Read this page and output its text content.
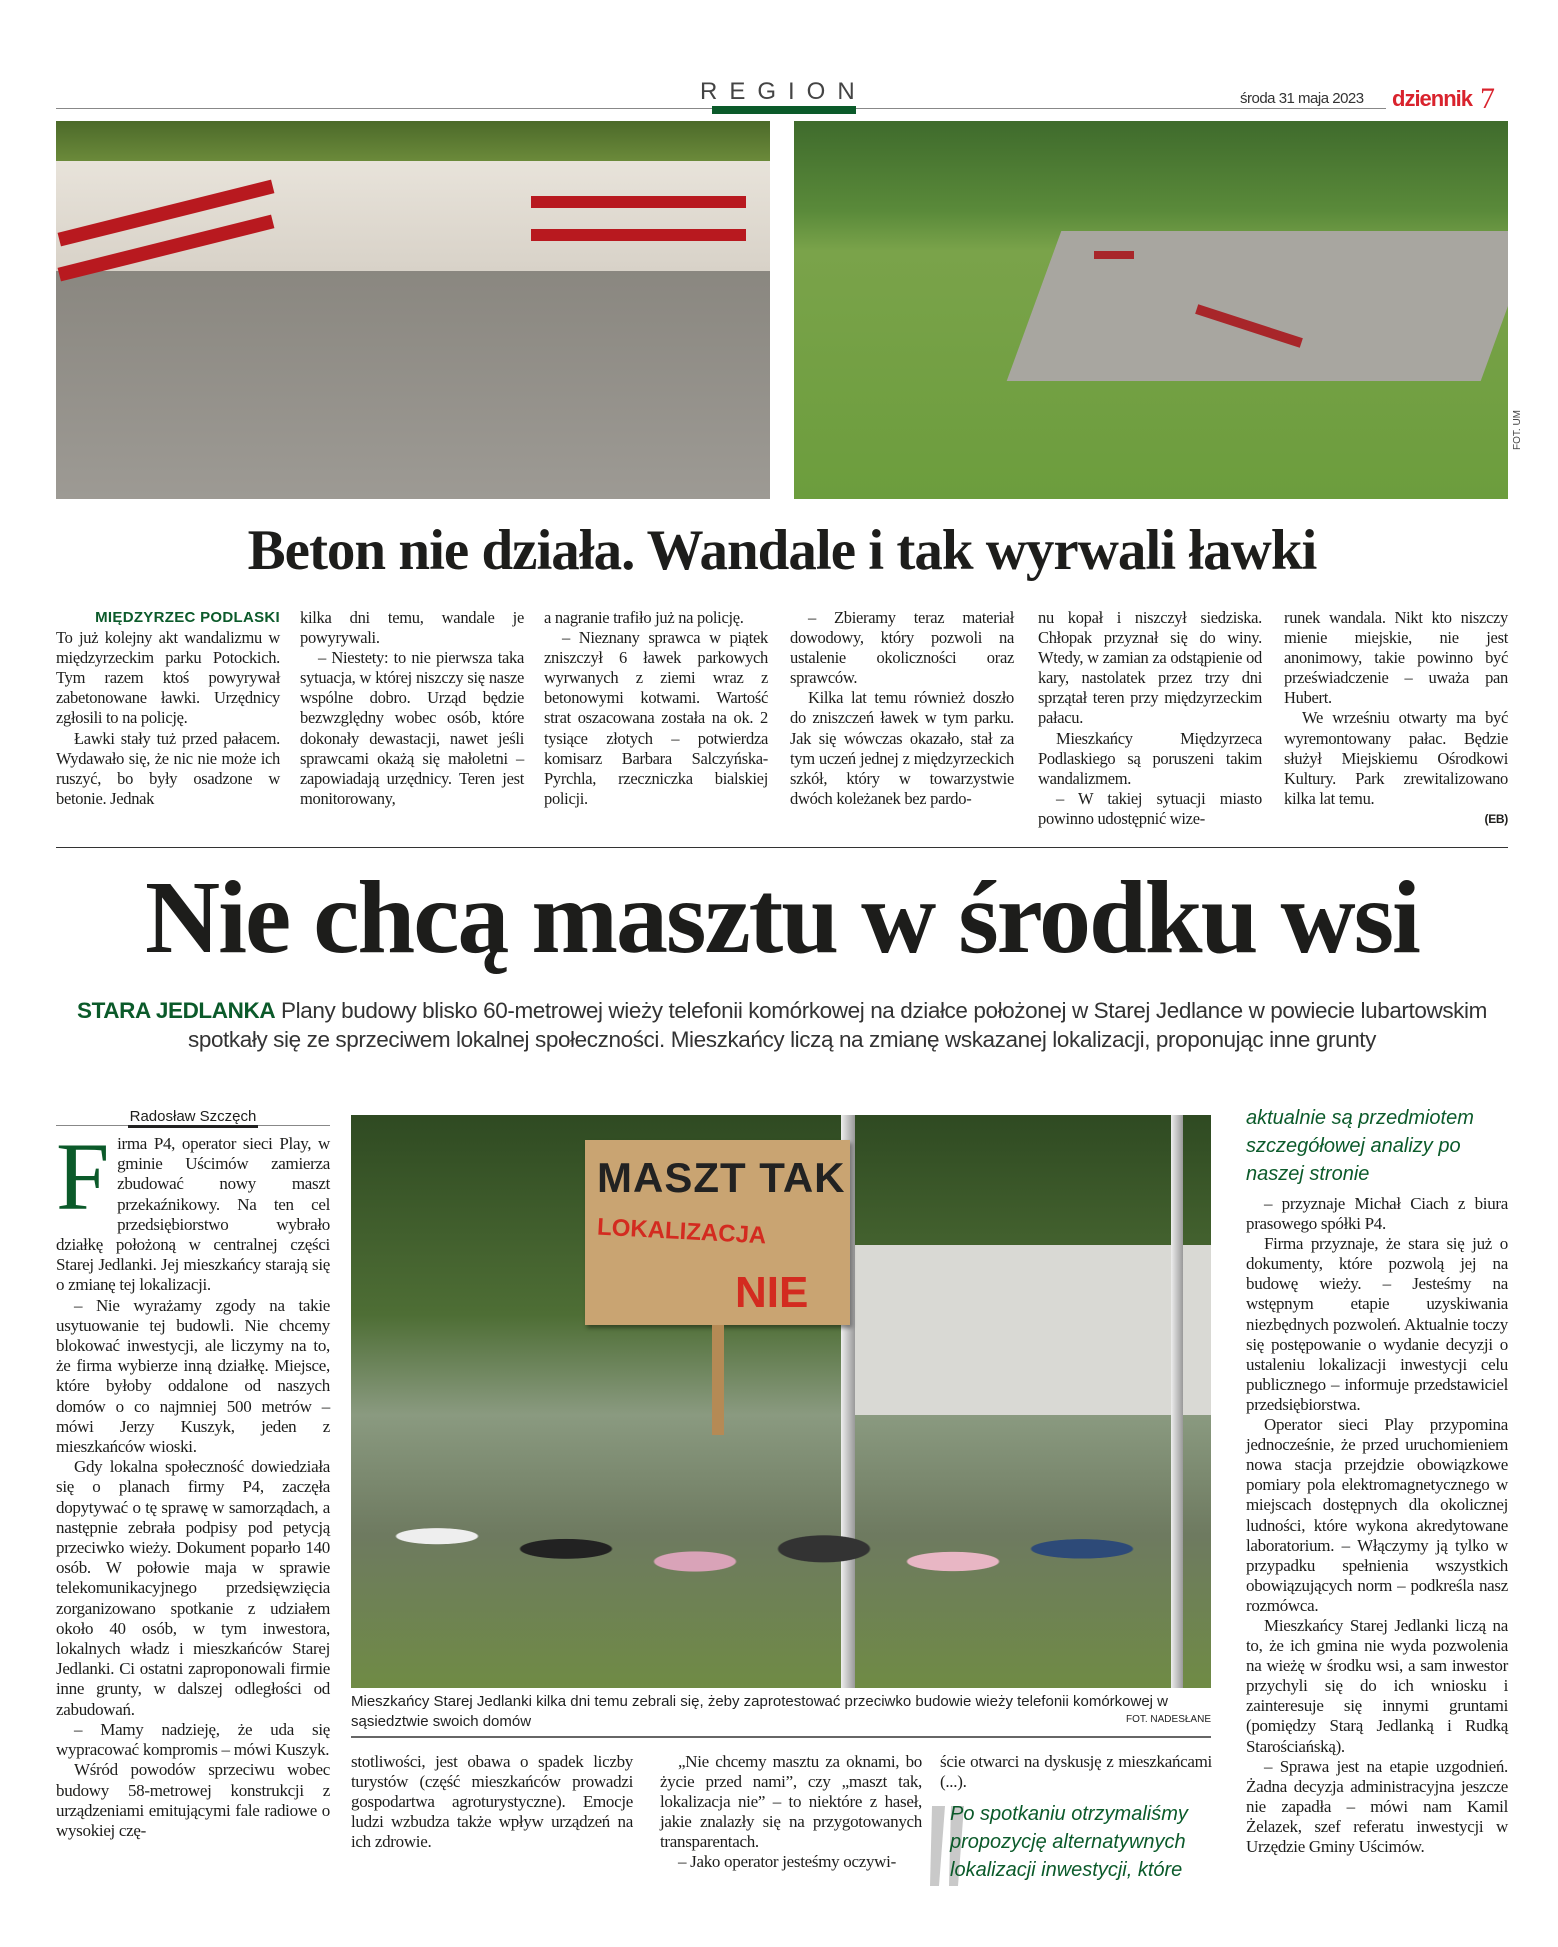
REGION	środa 31 maja 2023 dziennik 7
FOT. UM
Beton nie działa. Wandale i tak wyrwali ławki
MIĘDZYRZEC PODLASKI

To już kolejny akt wandalizmu w międzyrzeckim parku Potockich. Tym razem ktoś powyrywał zabetonowane ławki. Urzędnicy zgłosili to na policję.

Ławki stały tuż przed pałacem. Wydawało się, że nic nie może ich ruszyć, bo były osadzone w betonie. Jednak

kilka dni temu, wandale je powyrywali.

– Niestety: to nie pierwsza taka sytuacja, w której niszczy się nasze wspólne dobro. Urząd będzie bezwzględny wobec osób, które dokonały dewastacji, nawet jeśli sprawcami okażą się małoletni – zapowiadają urzędnicy. Teren jest monitorowany,

a nagranie trafiło już na policję.

– Nieznany sprawca w piątek zniszczył 6 ławek parkowych wyrwanych z ziemi wraz z betonowymi kotwami. Wartość strat oszacowana została na ok. 2 tysiące złotych – potwierdza komisarz Barbara Salczyńska-Pyrchla, rzeczniczka bialskiej policji.

– Zbieramy teraz materiał dowodowy, który pozwoli na ustalenie okoliczności oraz sprawców.

Kilka lat temu również doszło do zniszczeń ławek w tym parku. Jak się wówczas okazało, stał za tym uczeń jednej z międzyrzeckich szkół, który w towarzystwie dwóch koleżanek bez pardo-

nu kopał i niszczył siedziska. Chłopak przyznał się do winy. Wtedy, w zamian za odstąpienie od kary, nastolatek przez trzy dni sprzątał teren przy międzyrzeckim pałacu.

Mieszkańcy Międzyrzeca Podlaskiego są poruszeni takim wandalizmem.

– W takiej sytuacji miasto powinno udostępnić wize-

runek wandala. Nikt kto niszczy mienie miejskie, nie jest anonimowy, takie powinno być przeświadczenie – uważa pan Hubert.

We wrześniu otwarty ma być wyremontowany pałac. Będzie służył Miejskiemu Ośrodkowi Kultury. Park zrewitalizowano kilka lat temu.

(EB)
Nie chcą masztu w środku wsi
STARA JEDLANKA Plany budowy blisko 60-metrowej wieży telefonii komórkowej na działce położonej w Starej Jedlance w powiecie lubartowskim spotkały się ze sprzeciwem lokalnej społeczności. Mieszkańcy liczą na zmianę wskazanej lokalizacji, proponując inne grunty
Radosław Szczęch

Firma P4, operator sieci Play, w gminie Uścimów zamierza zbudować nowy maszt przekaźnikowy. Na ten cel przedsiębiorstwo wybrało działkę położoną w centralnej części Starej Jedlanki. Jej mieszkańcy starają się o zmianę tej lokalizacji.

– Nie wyrażamy zgody na takie usytuowanie tej budowli. Nie chcemy blokować inwestycji, ale liczymy na to, że firma wybierze inną działkę. Miejsce, które byłoby oddalone od naszych domów o co najmniej 500 metrów – mówi Jerzy Kuszyk, jeden z mieszkańców wioski.

Gdy lokalna społeczność dowiedziała się o planach firmy P4, zaczęła dopytywać o tę sprawę w samorządach, a następnie zebrała podpisy pod petycją przeciwko wieży. Dokument poparło 140 osób. W połowie maja w sprawie telekomunikacyjnego przedsięwzięcia zorganizowano spotkanie z udziałem około 40 osób, w tym inwestora, lokalnych władz i mieszkańców Starej Jedlanki. Ci ostatni zaproponowali firmie inne grunty, w dalszej odległości od zabudowań.

– Mamy nadzieję, że uda się wypracować kompromis – mówi Kuszyk.

Wśród powodów sprzeciwu wobec budowy 58-metrowej konstrukcji z urządzeniami emitującymi fale radiowe o wysokiej czę-

MASZT TAK
LOKALIZACJA
NIE
Mieszkańcy Starej Jedlanki kilka dni temu zebrali się, żeby zaprotestować przeciwko budowie wieży telefonii komórkowej w sąsiedztwie swoich domów	FOT. NADESŁANE

stotliwości, jest obawa o spadek liczby turystów (część mieszkańców prowadzi gospodartwa agroturystyczne). Emocje ludzi wzbudza także wpływ urządzeń na ich zdrowie.

„Nie chcemy masztu za oknami, bo życie przed nami”, czy „maszt tak, lokalizacja nie” – to niektóre z haseł, jakie znalazły się na przygotowanych transparentach.

– Jako operator jesteśmy oczywi-

ście otwarci na dyskusję z mieszkańcami (...).

Po spotkaniu otrzymaliśmy propozycję alternatywnych lokalizacji inwestycji, które
aktualnie są przedmiotem szczegółowej analizy po naszej stronie

– przyznaje Michał Ciach z biura prasowego spółki P4.

Firma przyznaje, że stara się już o dokumenty, które pozwolą jej na budowę wieży. – Jesteśmy na wstępnym etapie uzyskiwania niezbędnych pozwoleń. Aktualnie toczy się postępowanie o wydanie decyzji o ustaleniu lokalizacji inwestycji celu publicznego – informuje przedstawiciel przedsiębiorstwa.

Operator sieci Play przypomina jednocześnie, że przed uruchomieniem nowa stacja przejdzie obowiązkowe pomiary pola elektromagnetycznego w miejscach dostępnych dla okolicznej ludności, które wykona akredytowane laboratorium. – Włączymy ją tylko w przypadku spełnienia wszystkich obowiązujących norm – podkreśla nasz rozmówca.

Mieszkańcy Starej Jedlanki liczą na to, że ich gmina nie wyda pozwolenia na wieżę w środku wsi, a sam inwestor przychyli się do ich wniosku i zainteresuje się innymi gruntami (pomiędzy Starą Jedlanką i Rudką Starościańską).

– Sprawa jest na etapie uzgodnień. Żadna decyzja administracyjna jeszcze nie zapadła – mówi nam Kamil Żelazek, szef referatu inwestycji w Urzędzie Gminy Uścimów.
